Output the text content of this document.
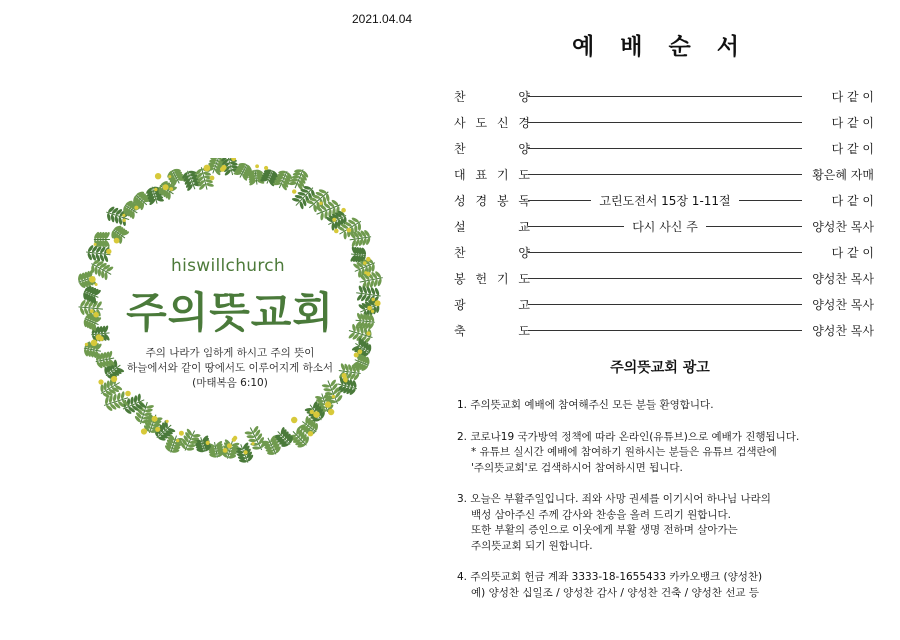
2021.04.04
hiswillchurch
주의뜻교회
주의 나라가 임하게 하시고 주의 뜻이
하늘에서와 같이 땅에서도 이루어지게 하소서
(마태복음 6:10)
예 배 순 서
찬	양	다 같 이
사 도 신 경	다 같 이
찬	양	다 같 이
대 표 기 도	황은혜 자매
성 경 봉 독	고린도전서 15장 1-11절	다 같 이
설	교	다시 사신 주	양성찬 목사
찬	양	다 같 이
봉 헌 기 도	양성찬 목사
광	고	양성찬 목사
축	도	양성찬 목사
주의뜻교회 광고

1. 주의뜻교회 예배에 참여해주신 모든 분들 환영합니다.

2. 코로나19 국가방역 정책에 따라 온라인(유튜브)으로 예배가 진행됩니다.

* 유튜브 실시간 예배에 참여하기 원하시는 분들은 유튜브 검색란에

'주의뜻교회'로 검색하시어 참여하시면 됩니다.

3. 오늘은 부활주일입니다. 죄와 사망 권세를 이기시어 하나님 나라의

백성 삼아주신 주께 감사와 찬송을 올려 드리기 원합니다.

또한 부활의 증인으로 이웃에게 부활 생명 전하며 살아가는

주의뜻교회 되기 원합니다.

4. 주의뜻교회 헌금 계좌 3333-18-1655433 카카오뱅크 (양성찬)

예) 양성찬 십일조 / 양성찬 감사 / 양성찬 건축 / 양성찬 선교 등
